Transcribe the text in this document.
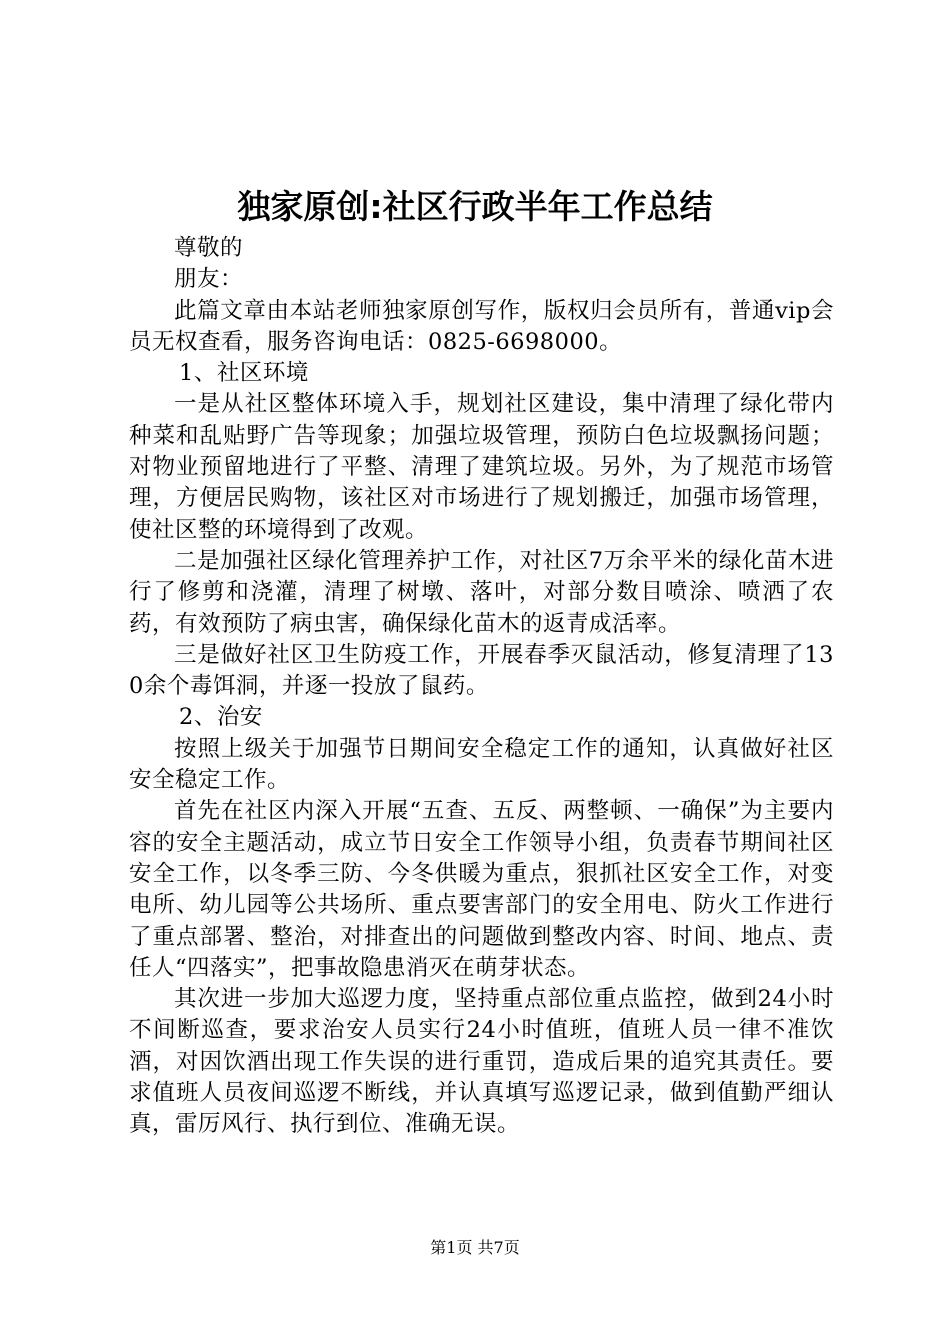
独家原创:社区行政半年工作总结

尊敬的

朋友：

此篇文章由本站老师独家原创写作，版权归会员所有，普通vip会员无权查看，服务咨询电话：0825-6698000。

1、社区环境

一是从社区整体环境入手，规划社区建设，集中清理了绿化带内种菜和乱贴野广告等现象；加强垃圾管理，预防白色垃圾飘扬问题；对物业预留地进行了平整、清理了建筑垃圾。另外，为了规范市场管理，方便居民购物，该社区对市场进行了规划搬迁，加强市场管理，使社区整的环境得到了改观。

二是加强社区绿化管理养护工作，对社区7万余平米的绿化苗木进行了修剪和浇灌，清理了树墩、落叶，对部分数目喷涂、喷洒了农药，有效预防了病虫害，确保绿化苗木的返青成活率。

三是做好社区卫生防疫工作，开展春季灭鼠活动，修复清理了130余个毒饵洞，并逐一投放了鼠药。

2、治安

按照上级关于加强节日期间安全稳定工作的通知，认真做好社区安全稳定工作。

首先在社区内深入开展“五查、五反、两整顿、一确保”为主要内容的安全主题活动，成立节日安全工作领导小组，负责春节期间社区安全工作，以冬季三防、今冬供暖为重点，狠抓社区安全工作，对变电所、幼儿园等公共场所、重点要害部门的安全用电、防火工作进行了重点部署、整治，对排查出的问题做到整改内容、时间、地点、责任人“四落实”，把事故隐患消灭在萌芽状态。

其次进一步加大巡逻力度，坚持重点部位重点监控，做到24小时不间断巡查，要求治安人员实行24小时值班，值班人员一律不准饮酒，对因饮酒出现工作失误的进行重罚，造成后果的追究其责任。要求值班人员夜间巡逻不断线，并认真填写巡逻记录，做到值勤严细认真，雷厉风行、执行到位、准确无误。

第1页 共7页
